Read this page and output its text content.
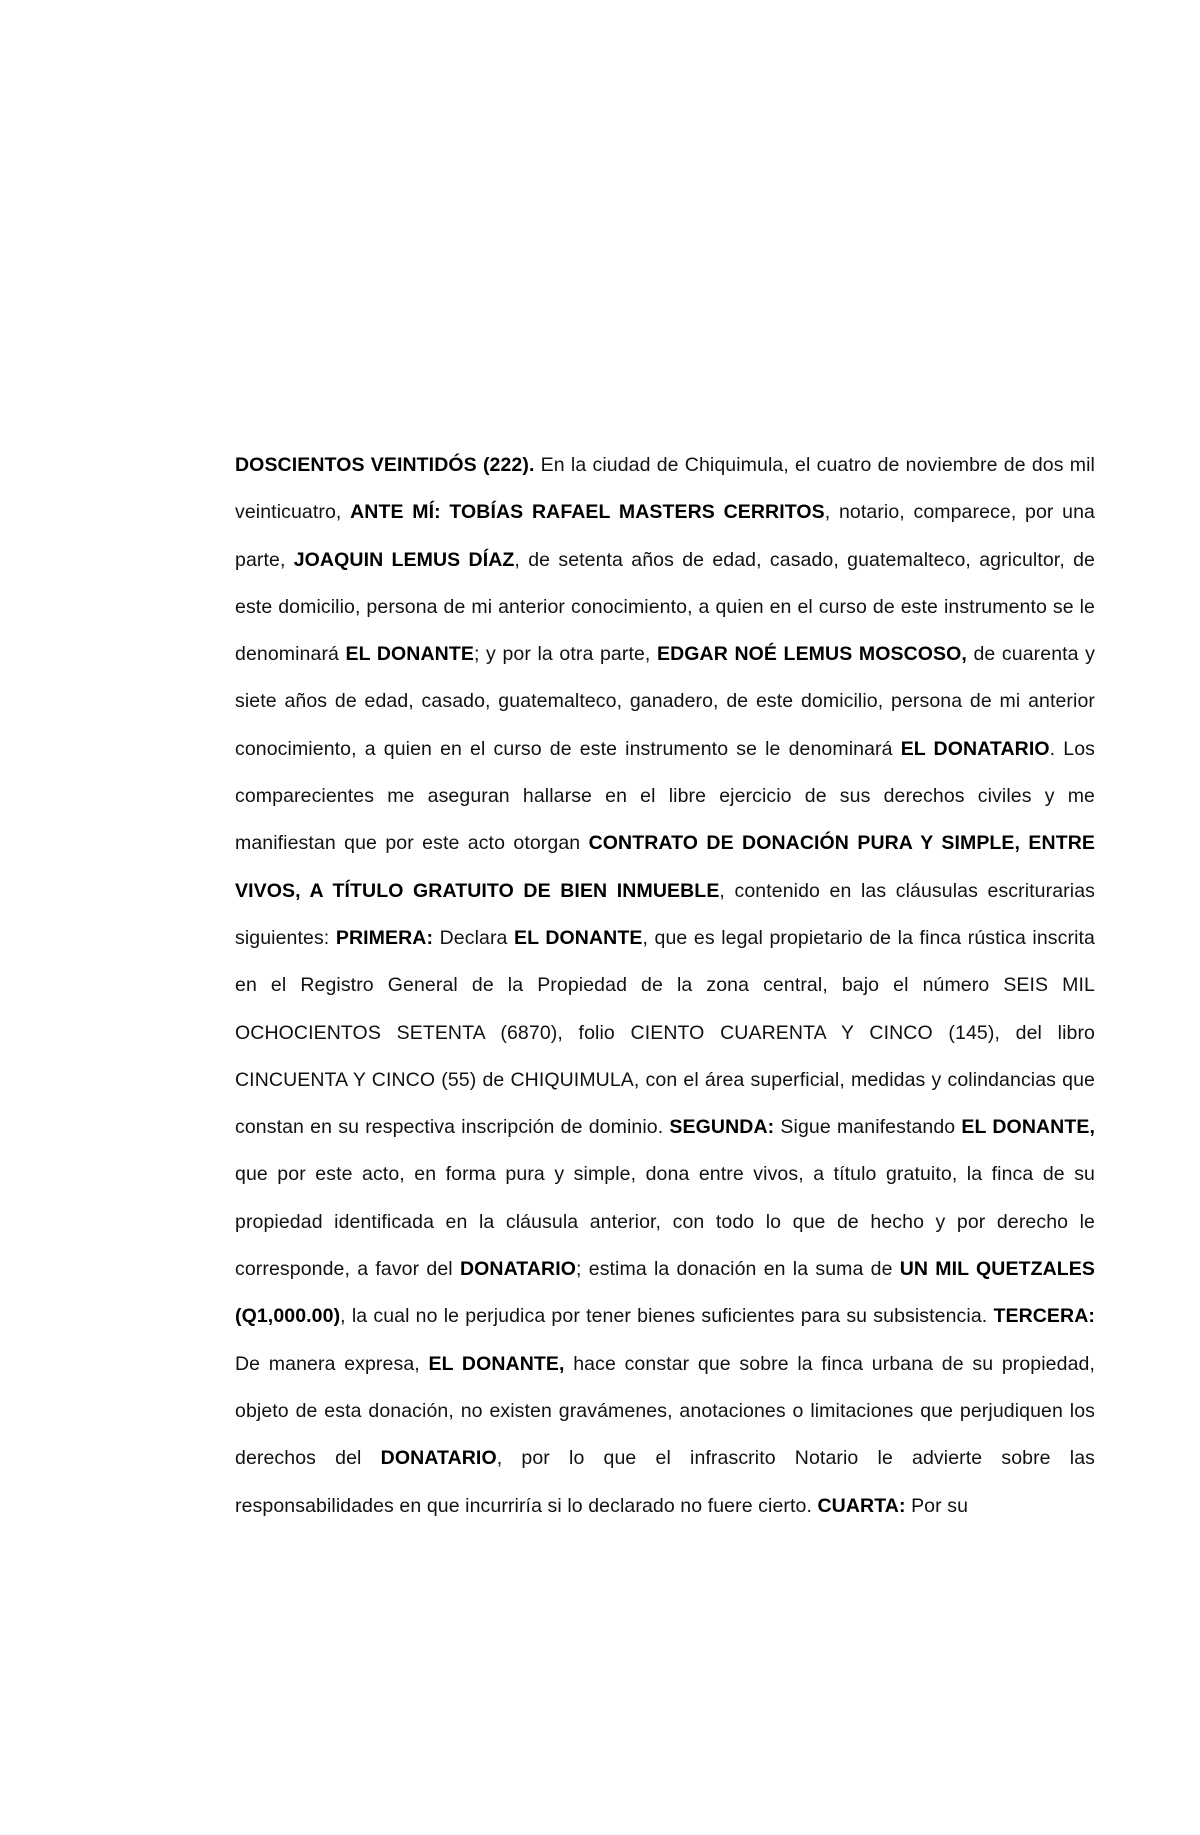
DOSCIENTOS VEINTIDÓS (222). En la ciudad de Chiquimula, el cuatro de noviembre de dos mil veinticuatro, ANTE MÍ: TOBÍAS RAFAEL MASTERS CERRITOS, notario, comparece, por una parte, JOAQUIN LEMUS DÍAZ, de setenta años de edad, casado, guatemalteco, agricultor, de este domicilio, persona de mi anterior conocimiento, a quien en el curso de este instrumento se le denominará EL DONANTE; y por la otra parte, EDGAR NOÉ LEMUS MOSCOSO, de cuarenta y siete años de edad, casado, guatemalteco, ganadero, de este domicilio, persona de mi anterior conocimiento, a quien en el curso de este instrumento se le denominará EL DONATARIO. Los comparecientes me aseguran hallarse en el libre ejercicio de sus derechos civiles y me manifiestan que por este acto otorgan CONTRATO DE DONACIÓN PURA Y SIMPLE, ENTRE VIVOS, A TÍTULO GRATUITO DE BIEN INMUEBLE, contenido en las cláusulas escriturarias siguientes: PRIMERA: Declara EL DONANTE, que es legal propietario de la finca rústica inscrita en el Registro General de la Propiedad de la zona central, bajo el número SEIS MIL OCHOCIENTOS SETENTA (6870), folio CIENTO CUARENTA Y CINCO (145), del libro CINCUENTA Y CINCO (55) de CHIQUIMULA, con el área superficial, medidas y colindancias que constan en su respectiva inscripción de dominio. SEGUNDA: Sigue manifestando EL DONANTE, que por este acto, en forma pura y simple, dona entre vivos, a título gratuito, la finca de su propiedad identificada en la cláusula anterior, con todo lo que de hecho y por derecho le corresponde, a favor del DONATARIO; estima la donación en la suma de UN MIL QUETZALES (Q1,000.00), la cual no le perjudica por tener bienes suficientes para su subsistencia. TERCERA: De manera expresa, EL DONANTE, hace constar que sobre la finca urbana de su propiedad, objeto de esta donación, no existen gravámenes, anotaciones o limitaciones que perjudiquen los derechos del DONATARIO, por lo que el infrascrito Notario le advierte sobre las responsabilidades en que incurriría si lo declarado no fuere cierto. CUARTA: Por su
